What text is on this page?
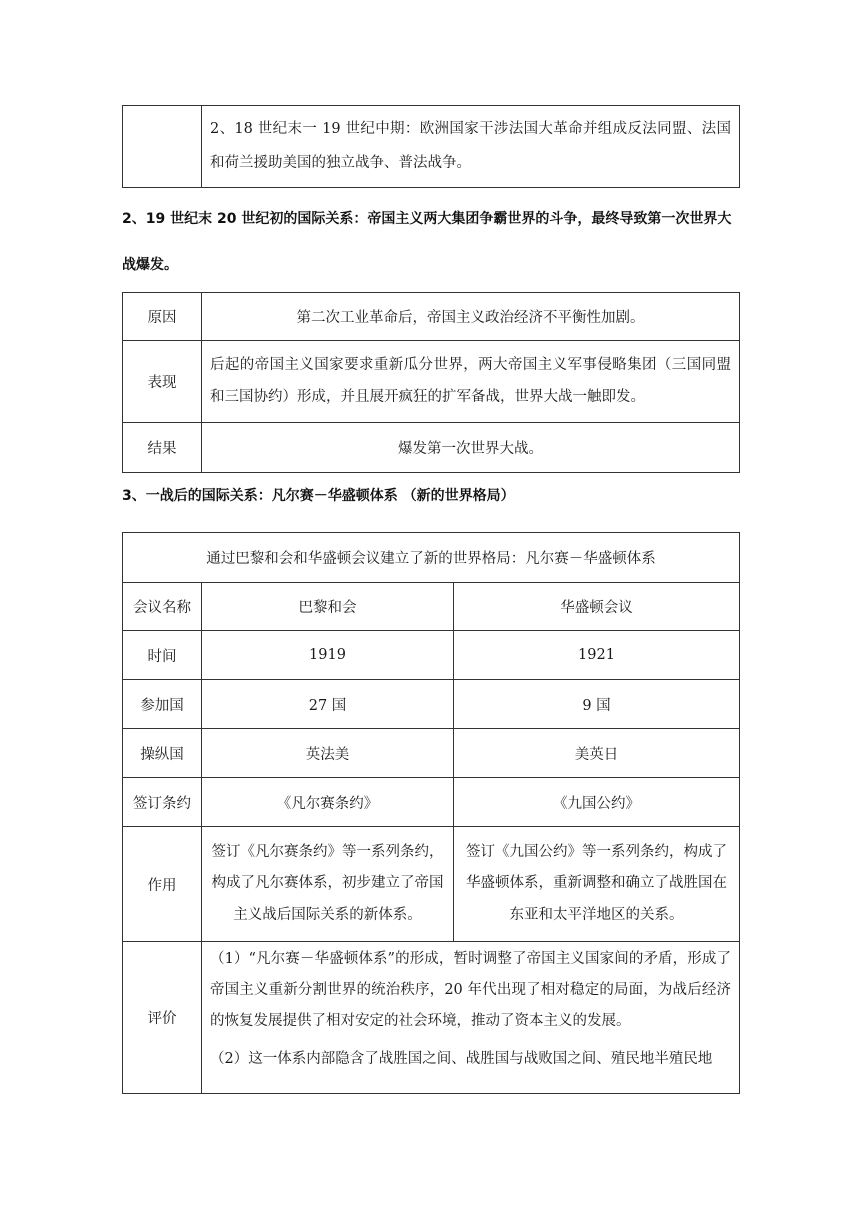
	2、18 世纪末一 19 世纪中期：欧洲国家干涉法国大革命并组成反法同盟、法国和荷兰援助美国的独立战争、普法战争。
2、19 世纪末 20 世纪初的国际关系：帝国主义两大集团争霸世界的斗争，最终导致第一次世界大战爆发。
原因	第二次工业革命后，帝国主义政治经济不平衡性加剧。
表现	后起的帝国主义国家要求重新瓜分世界，两大帝国主义军事侵略集团（三国同盟和三国协约）形成，并且展开疯狂的扩军备战，世界大战一触即发。
结果	爆发第一次世界大战。
3、一战后的国际关系：凡尔赛－华盛顿体系 （新的世界格局）
通过巴黎和会和华盛顿会议建立了新的世界格局：凡尔赛－华盛顿体系		
会议名称	巴黎和会	华盛顿会议
时间	1919	1921
参加国	27 国	9 国
操纵国	英法美	美英日
签订条约	《凡尔赛条约》	《九国公约》
作用	签订《凡尔赛条约》等一系列条约，构成了凡尔赛体系，初步建立了帝国主义战后国际关系的新体系。	签订《九国公约》等一系列条约，构成了华盛顿体系，重新调整和确立了战胜国在东亚和太平洋地区的关系。
评价	（1）“凡尔赛－华盛顿体系”的形成，暂时调整了帝国主义国家间的矛盾，形成了帝国主义重新分割世界的统治秩序，20 年代出现了相对稳定的局面，为战后经济的恢复发展提供了相对安定的社会环境，推动了资本主义的发展。

（2）这一体系内部隐含了战胜国之间、战胜国与战败国之间、殖民地半殖民地	
